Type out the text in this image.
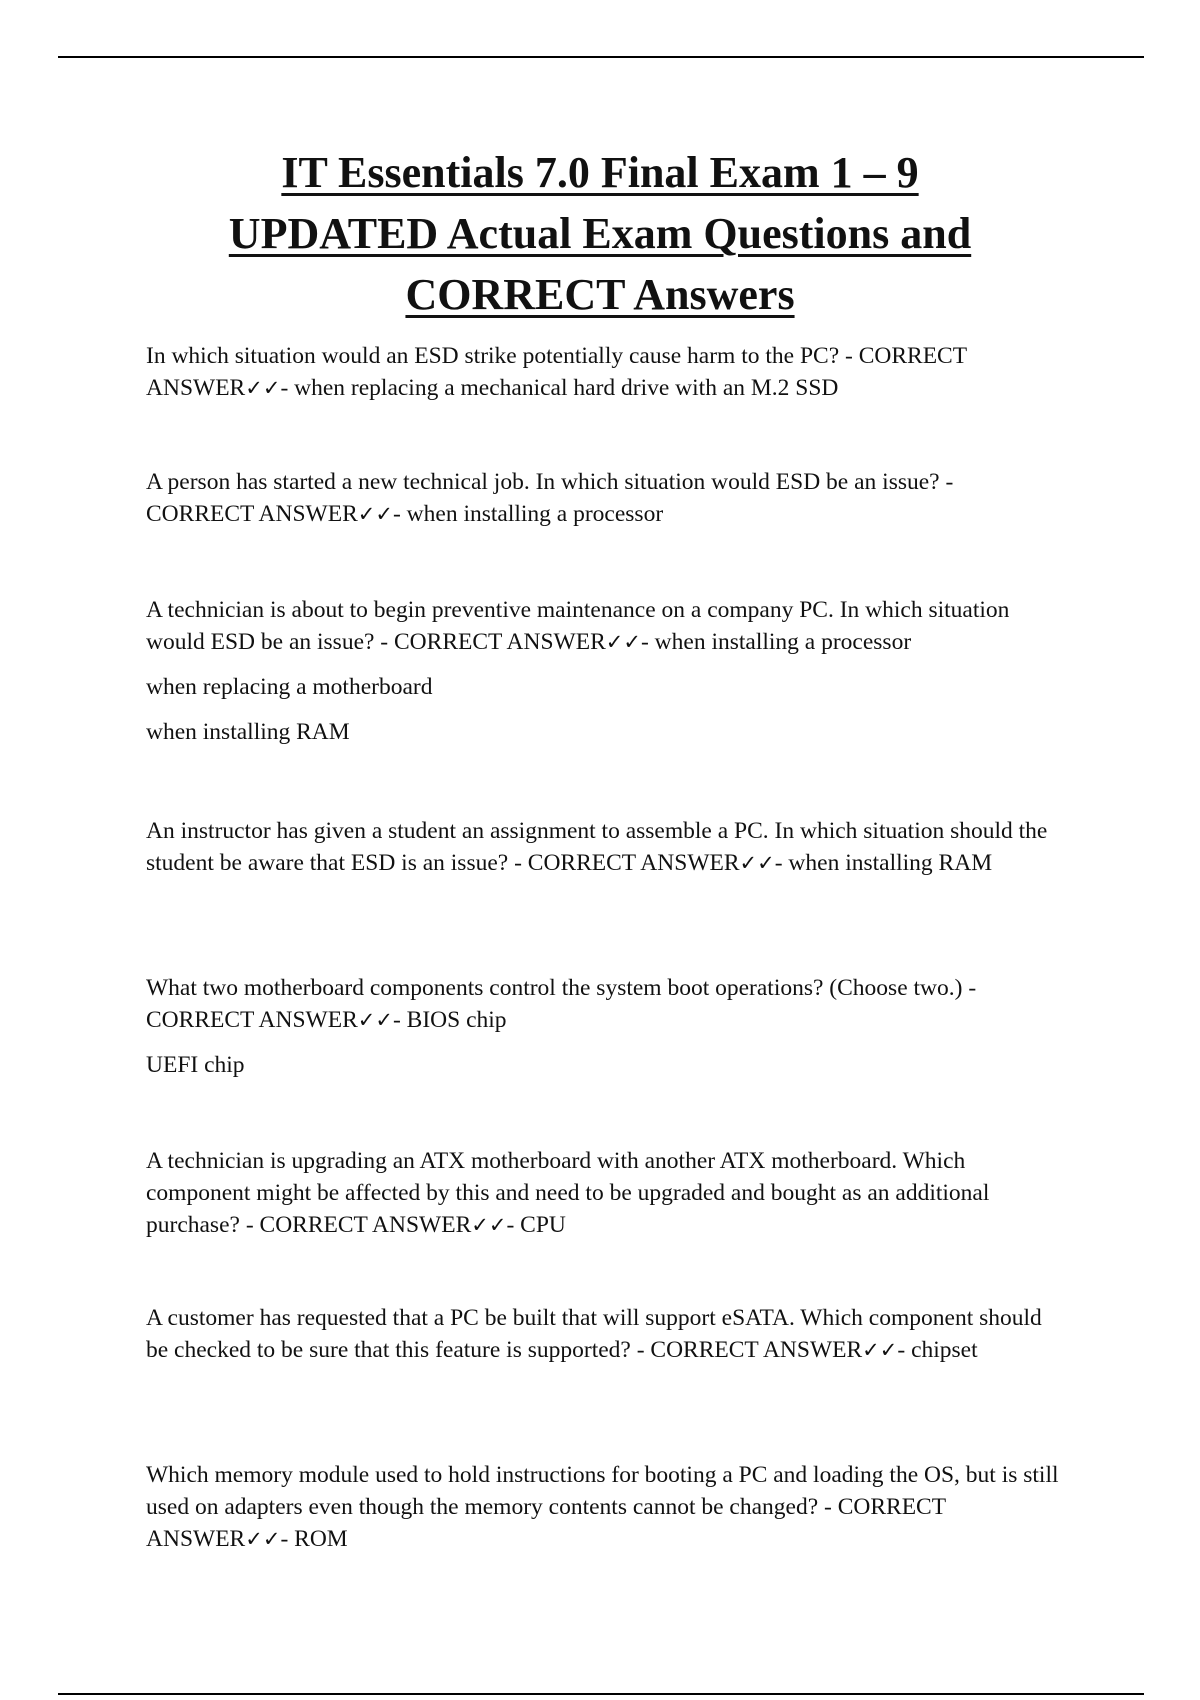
IT Essentials 7.0 Final Exam 1 – 9
UPDATED Actual Exam Questions and
CORRECT Answers

In which situation would an ESD strike potentially cause harm to the PC? - CORRECT ANSWER✓✓- when replacing a mechanical hard drive with an M.2 SSD

A person has started a new technical job. In which situation would ESD be an issue? - CORRECT ANSWER✓✓- when installing a processor

A technician is about to begin preventive maintenance on a company PC. In which situation would ESD be an issue? - CORRECT ANSWER✓✓- when installing a processor

when replacing a motherboard

when installing RAM

An instructor has given a student an assignment to assemble a PC. In which situation should the student be aware that ESD is an issue? - CORRECT ANSWER✓✓- when installing RAM

What two motherboard components control the system boot operations? (Choose two.) - CORRECT ANSWER✓✓- BIOS chip

UEFI chip

A technician is upgrading an ATX motherboard with another ATX motherboard. Which component might be affected by this and need to be upgraded and bought as an additional purchase? - CORRECT ANSWER✓✓- CPU

A customer has requested that a PC be built that will support eSATA. Which component should be checked to be sure that this feature is supported? - CORRECT ANSWER✓✓- chipset

Which memory module used to hold instructions for booting a PC and loading the OS, but is still used on adapters even though the memory contents cannot be changed? - CORRECT ANSWER✓✓- ROM
